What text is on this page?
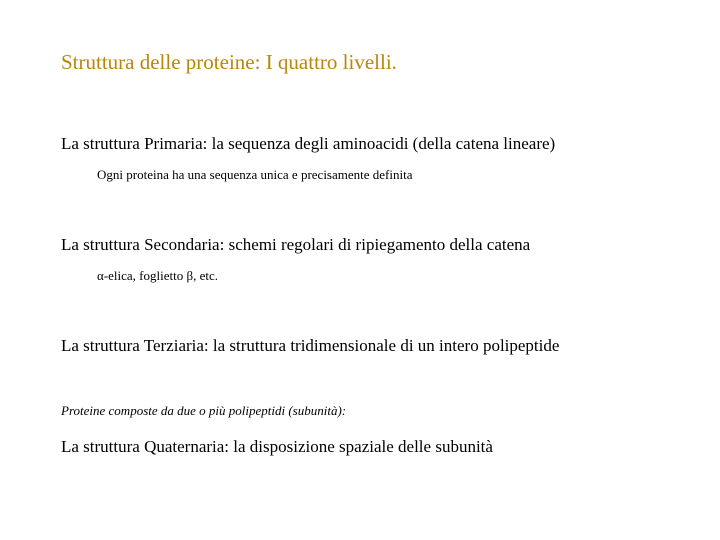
Struttura delle proteine: I quattro livelli.
La struttura Primaria: la sequenza degli aminoacidi (della catena lineare)
Ogni proteina ha una sequenza unica e precisamente definita
La struttura Secondaria: schemi regolari di ripiegamento della catena
α-elica, foglietto β, etc.
La struttura Terziaria: la struttura tridimensionale di un intero polipeptide
Proteine composte da due o più polipeptidi (subunità):
La struttura Quaternaria: la disposizione spaziale delle subunità
